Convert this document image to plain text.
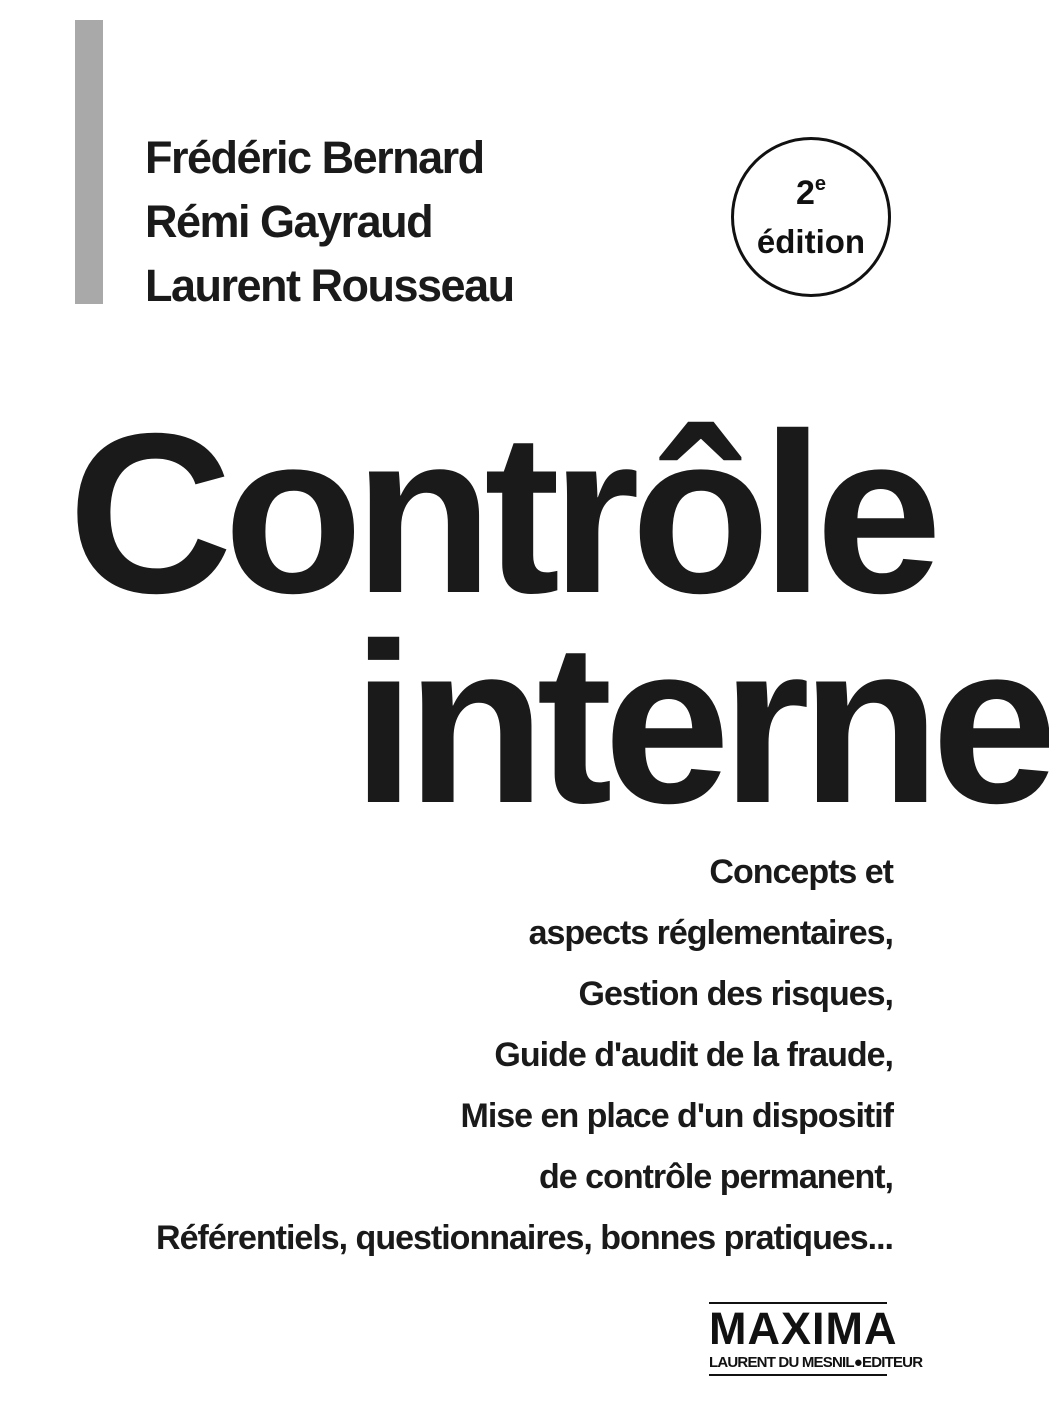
Frédéric Bernard
Rémi Gayraud
Laurent Rousseau
2e
édition
Contrôle
interne
Concepts et
aspects réglementaires,
Gestion des risques,
Guide d'audit de la fraude,
Mise en place d'un dispositif
de contrôle permanent,
Référentiels, questionnaires, bonnes pratiques...
MAXIMA
LAURENT DU MESNIL●EDITEUR
